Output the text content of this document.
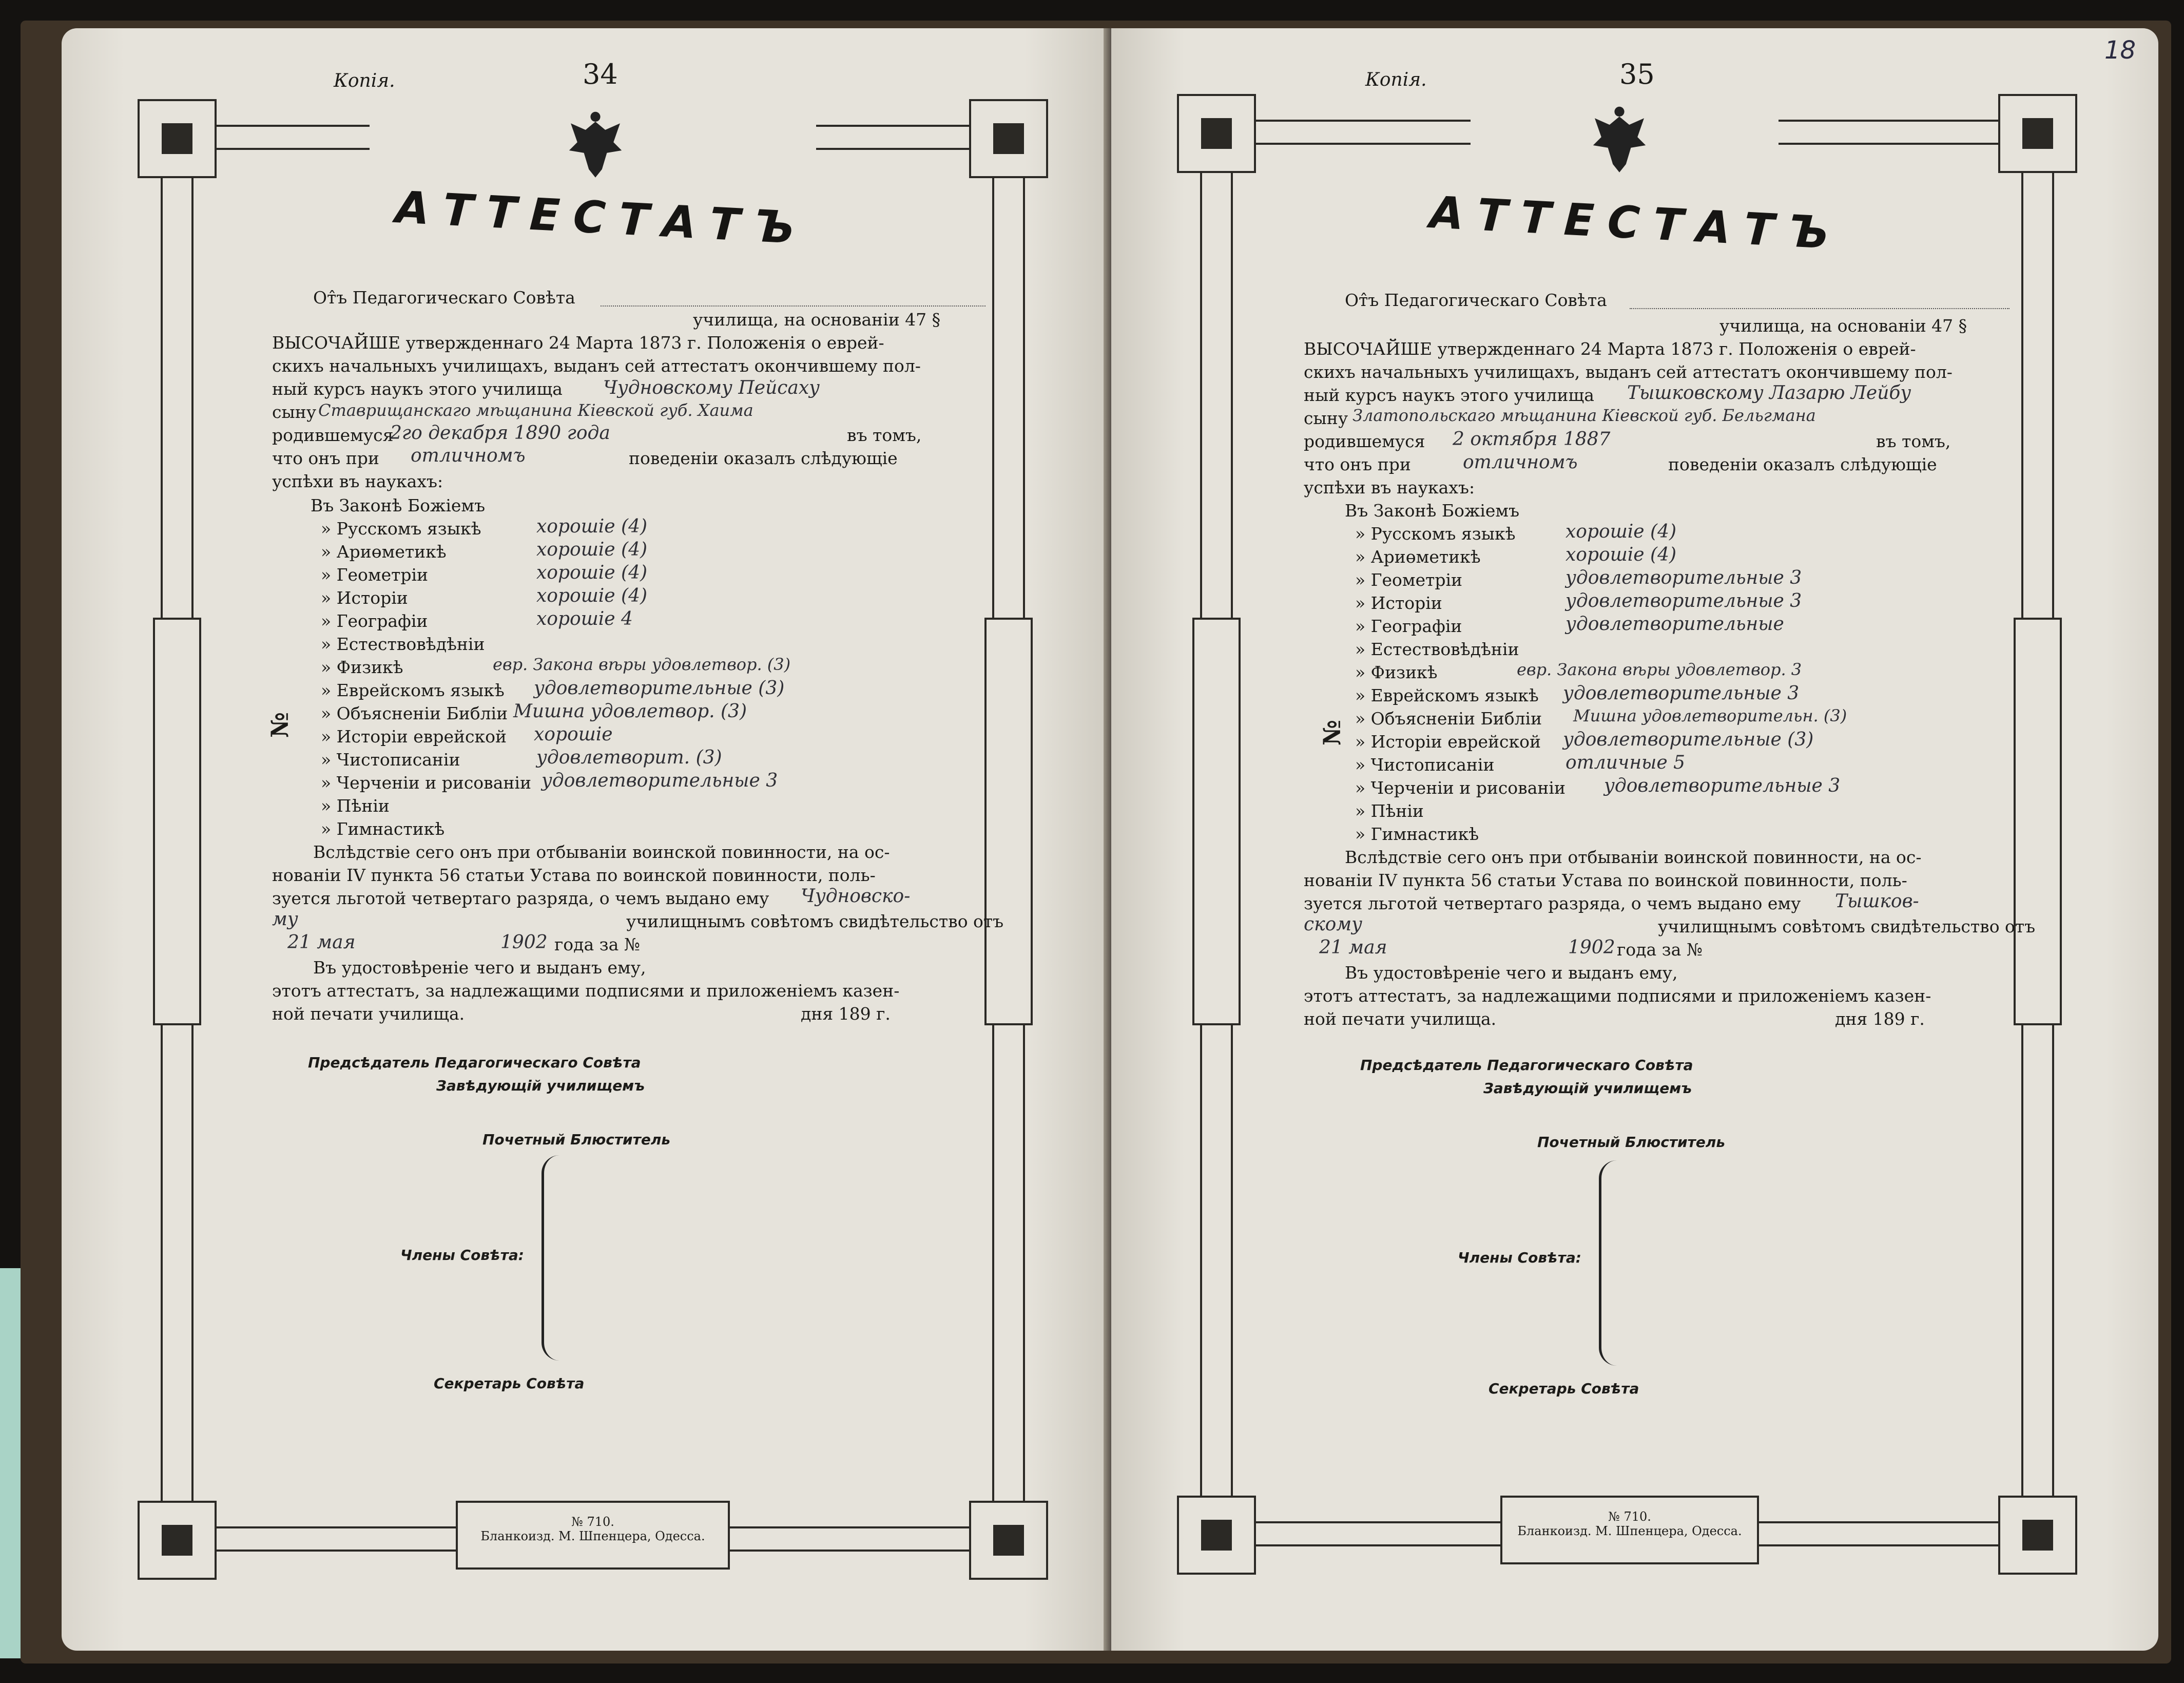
Копія.	34
АТТЕСТАТЪ
От̂ъ Педагогическаго Совѣта
училища, на основаніи 47 §
ВЫСОЧАЙШЕ утвержденнаго 24 Марта 1873 г. Положенія о еврей-
скихъ начальныхъ училищахъ, выданъ сей аттестатъ окончившему пол-
ный курсъ наукъ этого училища Чудновскому Пейсаху
сыну Ставрищанскаго мѣщанина Кіевской губ. Хаима
родившемуся
2го декабря 1890 года	въ томъ,
что онъ при отличномъ	поведеніи оказалъ слѣдующіе
успѣхи въ наукахъ:
№
Въ Законѣ Божіемъ
» Русскомъ языкѣ	хорошіе (4)
» Ариөметикѣ	хорошіе (4)
» Геометріи	хорошіе (4)
» Исторіи	хорошіе (4)
» Географіи	хорошіе 4
» Естествовѣдѣніи
» Физикѣ	евр. Закона вѣры удовлетвор. (3)
» Еврейскомъ языкѣ удовлетворительные (3)
» Объясненіи Библіи Мишна удовлетвор. (3)
» Исторіи еврейской хорошіе
» Чистописаніи	удовлетворит. (3)
» Черченіи и рисованіи удовлетворительные 3
» Пѣніи
» Гимнастикѣ
Вслѣдствіе сего онъ при отбываніи воинской повинности, на ос-
нованіи IV пункта 56 статьи Устава по воинской повинности, поль-
зуется льготой четвертаго разряда, о чемъ выдано ему Чудновско-
му	училищнымъ совѣтомъ свидѣтельство отъ
21 мая	1902 года за №
Въ удостовѣреніе чего и выданъ ему,
этотъ аттестатъ, за надлежащими подписями и приложеніемъ казен-
ной печати училища.	дня 189 г.
Предсѣдатель Педагогическаго Совѣта
Завѣдующій училищемъ
Почетный Блюститель
Члены Совѣта:
Секретарь Совѣта
№ 710.
Бланкоизд. М. Шпенцера, Одесса.
18
Копія.	35
АТТЕСТАТЪ
От̂ъ Педагогическаго Совѣта
училища, на основаніи 47 §
ВЫСОЧАЙШЕ утвержденнаго 24 Марта 1873 г. Положенія о еврей-
скихъ начальныхъ училищахъ, выданъ сей аттестатъ окончившему пол-
ный курсъ наукъ этого училища Тышковскому Лазарю Лейбу
сыну Златопольскаго мѣщанина Кіевской губ. Бельгмана
родившемуся 2 октября 1887	въ томъ,
что онъ при	отличномъ	поведеніи оказалъ слѣдующіе
успѣхи въ наукахъ:
№
Въ Законѣ Божіемъ
» Русскомъ языкѣ	хорошіе (4)
» Ариөметикѣ	хорошіе (4)
» Геометріи	удовлетворительные 3
» Исторіи	удовлетворительные 3
» Географіи	удовлетворительные
» Естествовѣдѣніи
» Физикѣ	евр. Закона вѣры удовлетвор. 3
» Еврейскомъ языкѣ удовлетворительные 3
» Объясненіи Библіи Мишна удовлетворительн. (3)
» Исторіи еврейской удовлетворительные (3)
» Чистописаніи	отличные 5
» Черченіи и рисованіи удовлетворительные 3
» Пѣніи
» Гимнастикѣ
Вслѣдствіе сего онъ при отбываніи воинской повинности, на ос-
нованіи IV пункта 56 статьи Устава по воинской повинности, поль-
зуется льготой четвертаго разряда, о чемъ выдано ему Тышков-
скому	училищнымъ совѣтомъ свидѣтельство отъ
21 мая	1902 года за №
Въ удостовѣреніе чего и выданъ ему,
этотъ аттестатъ, за надлежащими подписями и приложеніемъ казен-
ной печати училища.	дня 189 г.
Предсѣдатель Педагогическаго Совѣта
Завѣдующій училищемъ
Почетный Блюститель
Члены Совѣта:
Секретарь Совѣта
№ 710.
Бланкоизд. М. Шпенцера, Одесса.
